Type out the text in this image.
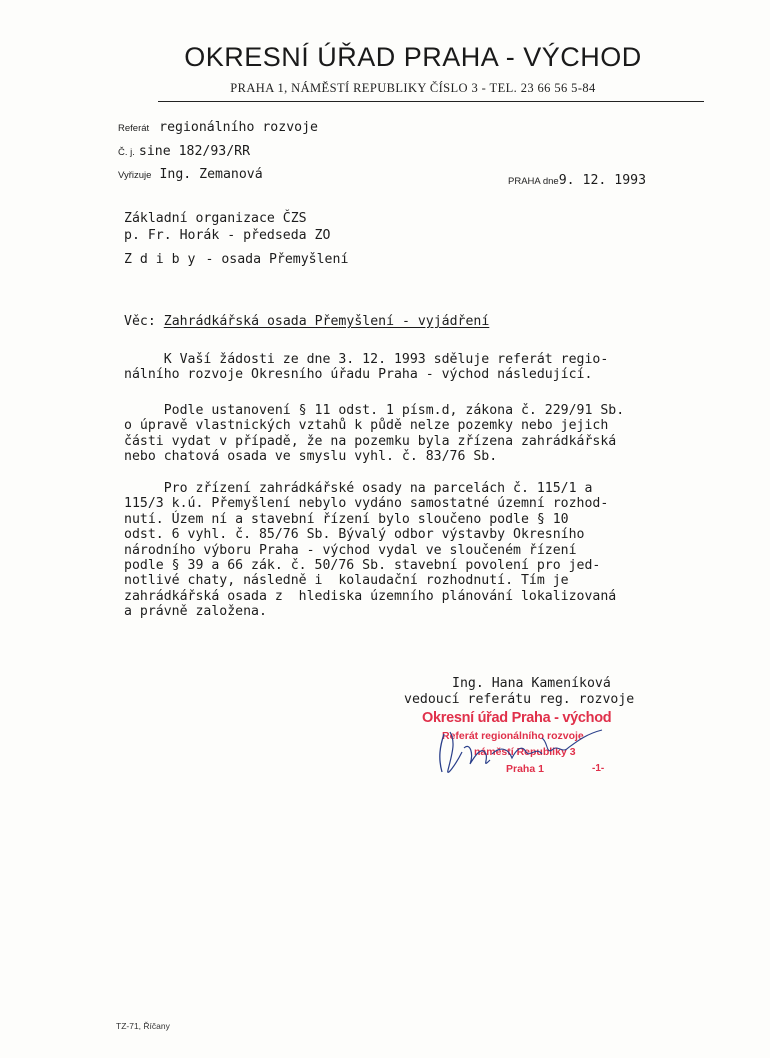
OKRESNÍ ÚŘAD PRAHA - VÝCHOD
PRAHA 1, NÁMĚSTÍ REPUBLIKY ČÍSLO 3 - TEL. 23 66 56 5-84
Referát regionálního rozvoje
Č. j. sine 182/93/RR
Vyřizuje Ing. Zemanová	PRAHA dne9. 12. 1993
Základní organizace ČZS
p. Fr. Horák - předseda ZO
Z d i b y - osada Přemyšlení
Věc: Zahrádkářská osada Přemyšlení - vyjádření
K Vaší žádosti ze dne 3. 12. 1993 sděluje referát regio-
nálního rozvoje Okresního úřadu Praha - východ následující.
Podle ustanovení § 11 odst. 1 písm.d, zákona č. 229/91 Sb.
o úpravě vlastnických vztahů k půdě nelze pozemky nebo jejich
části vydat v případě, že na pozemku byla zřízena zahrádkářská
nebo chatová osada ve smyslu vyhl. č. 83/76 Sb.
Pro zřízení zahrádkářské osady na parcelách č. 115/1 a
115/3 k.ú. Přemyšlení nebylo vydáno samostatné územní rozhod-
nutí. Územ ní a stavební řízení bylo sloučeno podle § 10
odst. 6 vyhl. č. 85/76 Sb. Bývalý odbor výstavby Okresního
národního výboru Praha - východ vydal ve sloučeném řízení
podle § 39 a 66 zák. č. 50/76 Sb. stavební povolení pro jed-
notlivé chaty, následně i  kolaudační rozhodnutí. Tím je
zahrádkářská osada z  hlediska územního plánování lokalizovaná
a právně založena.
Ing. Hana Kameníková
vedoucí referátu reg. rozvoje
Okresní úřad Praha - východ
Referát regionálního rozvoje
náměstí Republiky 3
Praha 1	-1-
TZ-71, Říčany
